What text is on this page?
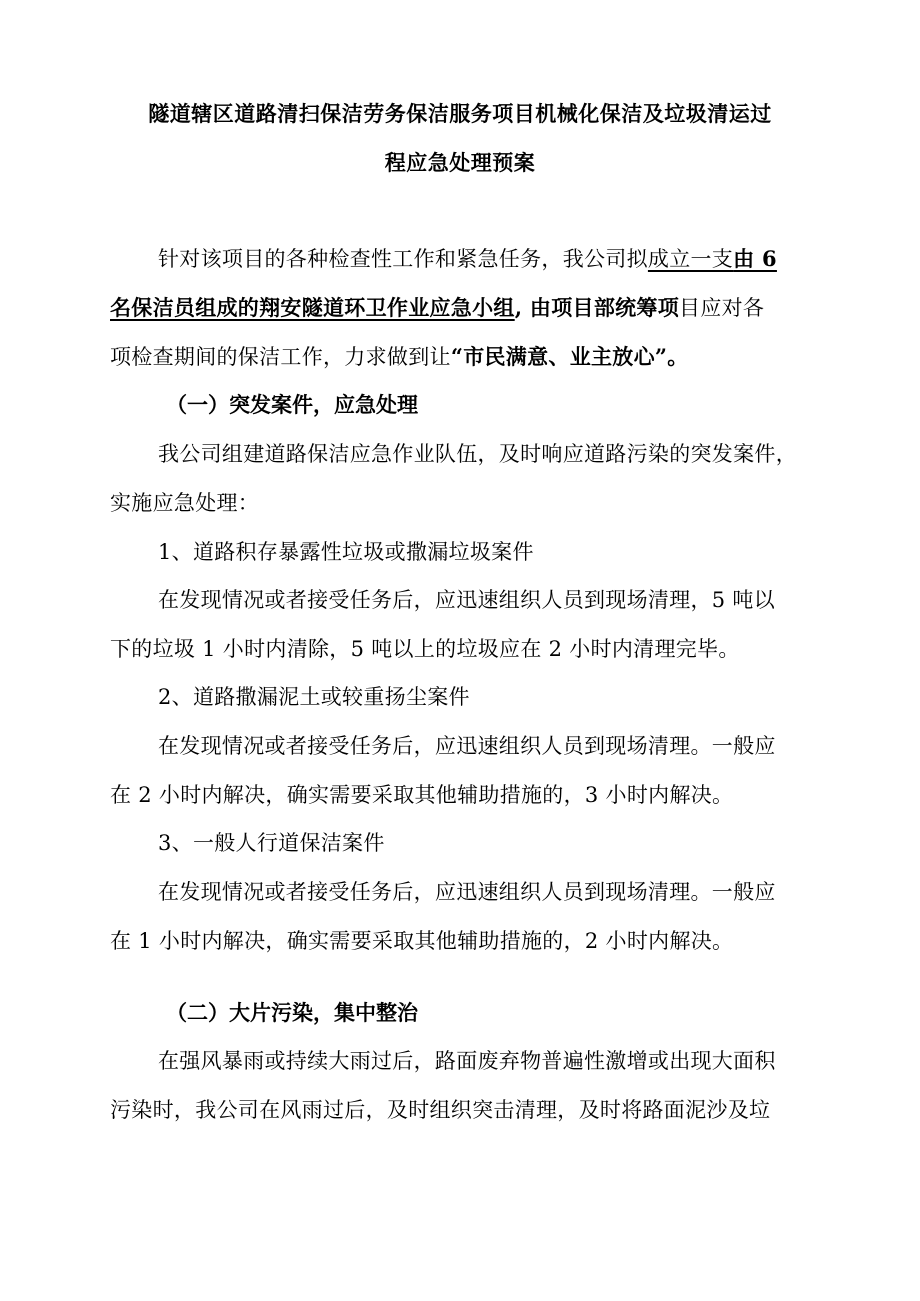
隧道辖区道路清扫保洁劳务保洁服务项目机械化保洁及垃圾清运过
程应急处理预案
针对该项目的各种检查性工作和紧急任务，我公司拟成立一支由 6
名保洁员组成的翔安隧道环卫作业应急小组, 由项目部统筹项目应对各
项检查期间的保洁工作，力求做到让“市民满意、业主放心”。
（一）突发案件，应急处理
我公司组建道路保洁应急作业队伍，及时响应道路污染的突发案件，
实施应急处理：
1、道路积存暴露性垃圾或撒漏垃圾案件
在发现情况或者接受任务后，应迅速组织人员到现场清理，5 吨以
下的垃圾 1 小时内清除，5 吨以上的垃圾应在 2 小时内清理完毕。
2、道路撒漏泥土或较重扬尘案件
在发现情况或者接受任务后，应迅速组织人员到现场清理。一般应
在 2 小时内解决，确实需要采取其他辅助措施的，3 小时内解决。
3、一般人行道保洁案件
在发现情况或者接受任务后，应迅速组织人员到现场清理。一般应
在 1 小时内解决，确实需要采取其他辅助措施的，2 小时内解决。
（二）大片污染，集中整治
在强风暴雨或持续大雨过后，路面废弃物普遍性激增或出现大面积
污染时，我公司在风雨过后，及时组织突击清理，及时将路面泥沙及垃
